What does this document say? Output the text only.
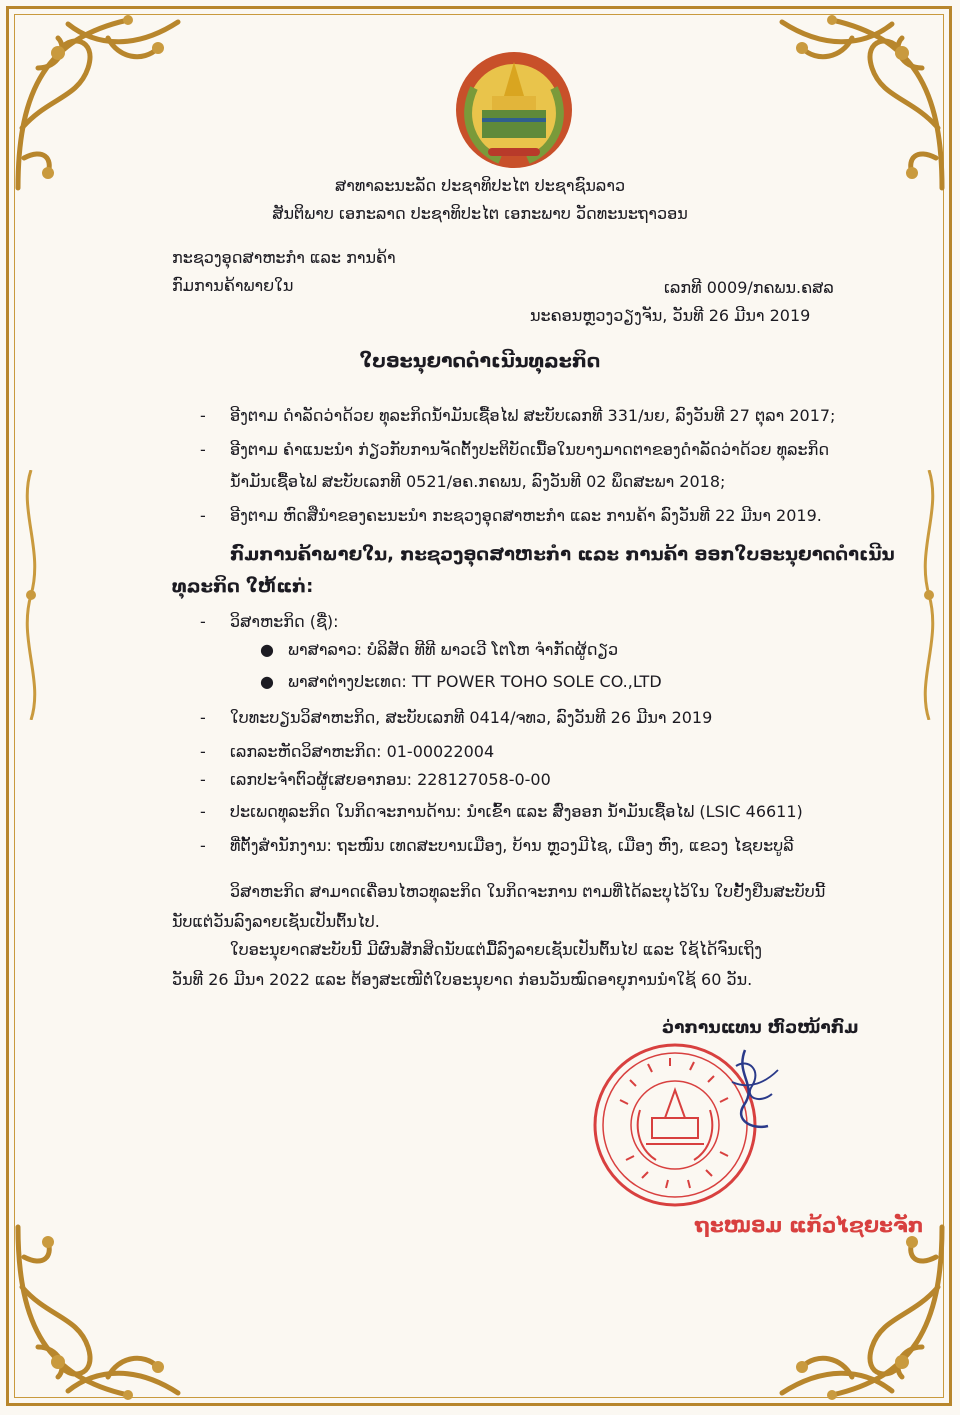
ສາທາລະນະລັດ ປະຊາທິປະໄຕ ປະຊາຊົນລາວ
ສັນຕິພາບ ເອກະລາດ ປະຊາທິປະໄຕ ເອກະພາບ ວັດທະນະຖາວອນ
ກະຊວງອຸດສາຫະກຳ ແລະ ການຄ້າ
ກົມການຄ້າພາຍໃນ	ເລກທີ 0009/ກຄພນ.ຄສລ
ນະຄອນຫຼວງວຽງຈັນ, ວັນທີ 26 ມີນາ 2019
ໃບອະນຸຍາດດຳເນີນທຸລະກິດ
- ອີງຕາມ ດຳລັດວ່າດ້ວຍ ທຸລະກິດນ້ຳມັນເຊື້ອໄຟ ສະບັບເລກທີ 331/ນຍ, ລົງວັນທີ 27 ຕຸລາ 2017;
- ອີງຕາມ ຄຳແນະນຳ ກ່ຽວກັບການຈັດຕັ້ງປະຕິບັດເນື້ອໃນບາງມາດຕາຂອງດຳລັດວ່າດ້ວຍ ທຸລະກິດ
ນ້ຳມັນເຊື້ອໄຟ ສະບັບເລກທີ 0521/ອຄ.ກຄພນ, ລົງວັນທີ 02 ພຶດສະພາ 2018;
- ອີງຕາມ ຫົດສືນຳຂອງຄະນະນຳ ກະຊວງອຸດສາຫະກຳ ແລະ ການຄ້າ ລົງວັນທີ 22 ມີນາ 2019.
ກົມການຄ້າພາຍໃນ, ກະຊວງອຸດສາຫະກຳ ແລະ ການຄ້າ ອອກໃບອະນຸຍາດດຳເນີນ
ທຸລະກິດ ໃຫ້ແກ່:
- ວິສາຫະກິດ (ຊື່):
● ພາສາລາວ: ບໍລິສັດ ທີທີ ພາວເວີ ໂຕໂຫ ຈຳກັດຜູ້ດຽວ
● ພາສາຕ່າງປະເທດ: TT POWER TOHO SOLE CO.,LTD
- ໃບທະບຽນວິສາຫະກິດ, ສະບັບເລກທີ 0414/ຈທວ, ລົງວັນທີ 26 ມີນາ 2019
- ເລກລະຫັດວິສາຫະກິດ: 01-00022004
- ເລກປະຈຳຕົວຜູ້ເສຍອາກອນ: 228127058-0-00
- ປະເພດທຸລະກິດ ໃນກິດຈະການດ້ານ: ນຳເຂົ້າ ແລະ ສົ່ງອອກ ນ້ຳມັນເຊື້ອໄຟ (LSIC 46611)
- ທີ່ຕັ້ງສຳນັກງານ: ຖະໜົນ ເທດສະບານເມືອງ, ບ້ານ ຫຼວງມີໄຊ, ເມືອງ ຫົງ, ແຂວງ ໄຊຍະບູລີ
ວິສາຫະກິດ ສາມາດເຄື່ອນໄຫວທຸລະກິດ ໃນກິດຈະການ ຕາມທີ່ໄດ້ລະບຸໄວ້ໃນ ໃບຢັ້ງຢືນສະບັບນີ້
ນັບແຕ່ວັນລົງລາຍເຊັນເປັນຕົ້ນໄປ.
ໃບອະນຸຍາດສະບັບນີ້ ມີຜົນສັກສິດນັບແຕ່ມື້ລົງລາຍເຊັນເປັນຕົ້ນໄປ ແລະ ໃຊ້ໄດ້ຈົນເຖິງ
ວັນທີ 26 ມີນາ 2022 ແລະ ຕ້ອງສະເໜີຕໍ່ໃບອະນຸຍາດ ກ່ອນວັນໝົດອາຍຸການນຳໃຊ້ 60 ວັນ.
ວ່າການແທນ ຫົວໜ້າກົມ
ຖະໜອມ ແກ້ວໄຊຍະຈັກ
